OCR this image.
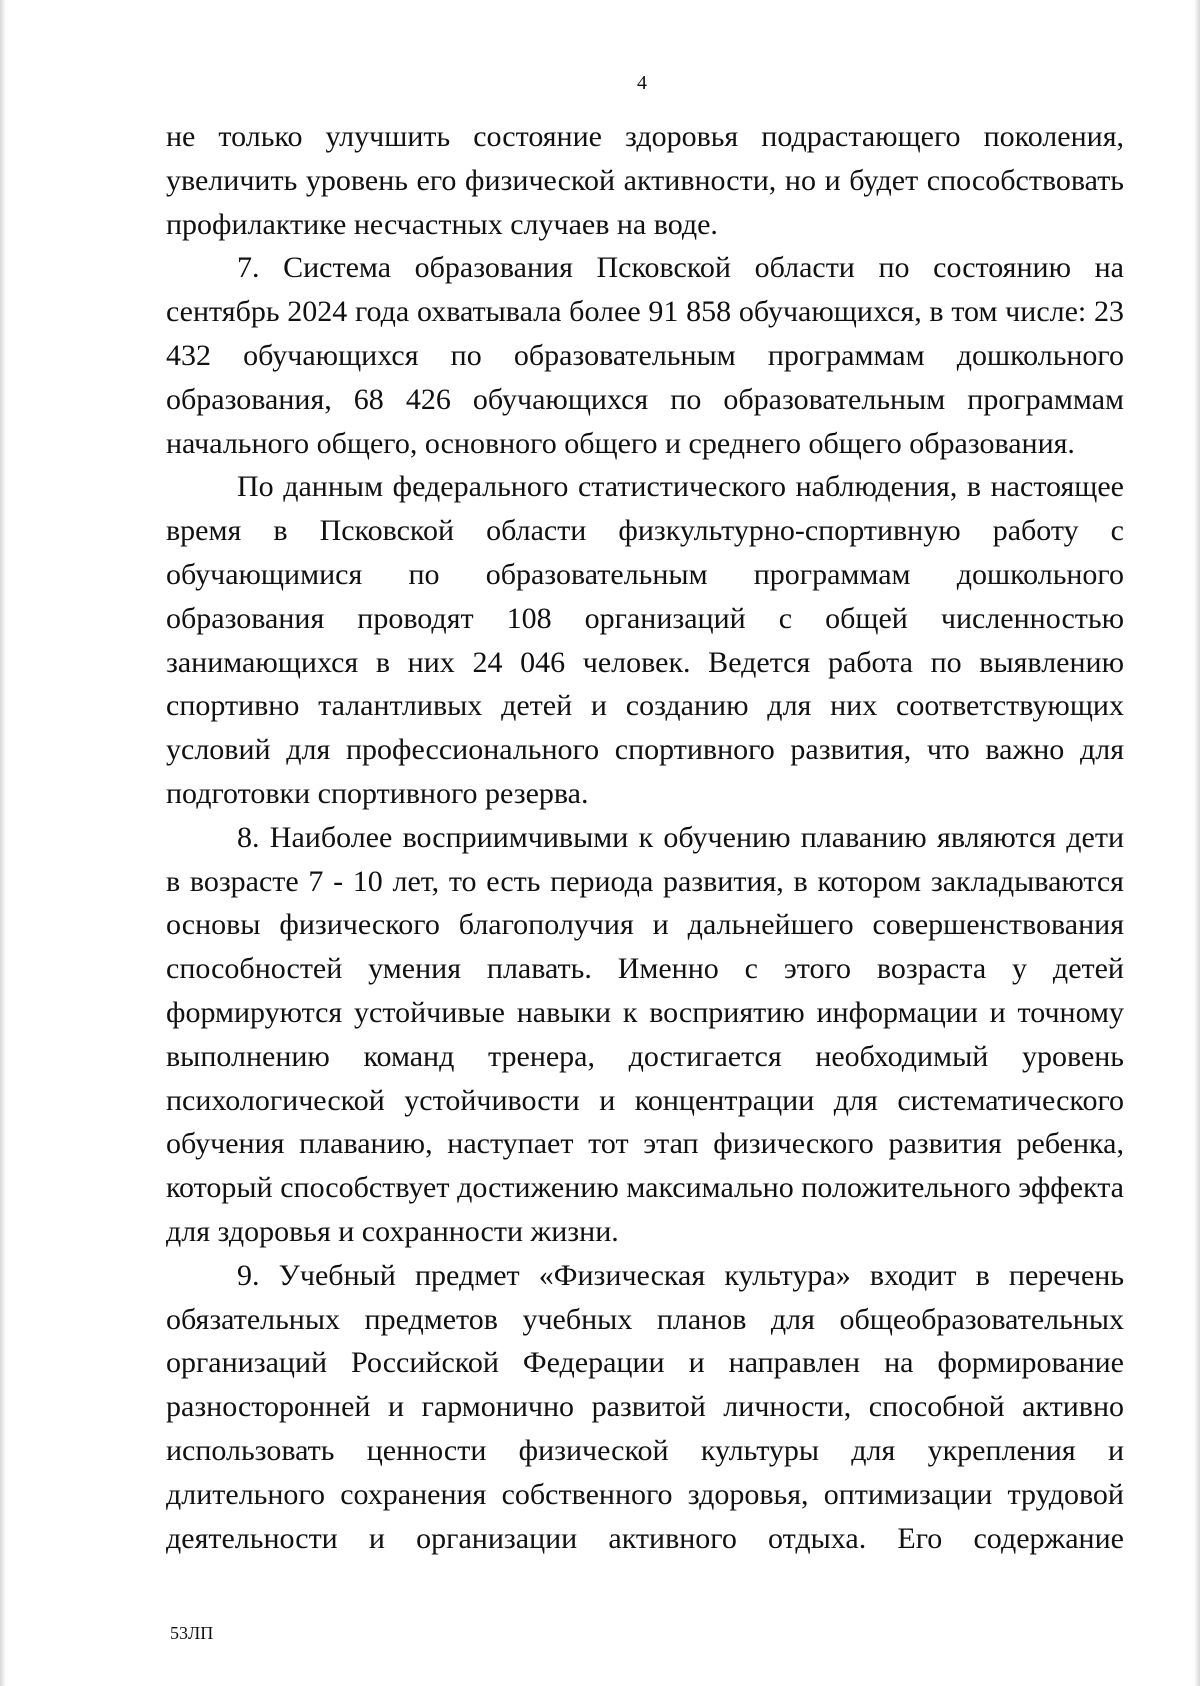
4

не только улучшить состояние здоровья подрастающего поколения, увеличить уровень его физической активности, но и будет способствовать профилактике несчастных случаев на воде.

7. Система образования Псковской области по состоянию на сентябрь 2024 года охватывала более 91 858 обучающихся, в том числе: 23 432 обучающихся по образовательным программам дошкольного образования, 68 426 обучающихся по образовательным программам начального общего, основного общего и среднего общего образования.

По данным федерального статистического наблюдения, в настоящее время в Псковской области физкультурно-спортивную работу с обучающимися по образовательным программам дошкольного образования проводят 108 организаций с общей численностью занимающихся в них 24 046 человек. Ведется работа по выявлению спортивно талантливых детей и созданию для них соответствующих условий для профессионального спортивного развития, что важно для подготовки спортивного резерва.

8. Наиболее восприимчивыми к обучению плаванию являются дети в возрасте 7 - 10 лет, то есть периода развития, в котором закладываются основы физического благополучия и дальнейшего совершенствования способностей умения плавать. Именно с этого возраста у детей формируются устойчивые навыки к восприятию информации и точному выполнению команд тренера, достигается необходимый уровень психологической устойчивости и концентрации для систематического обучения плаванию, наступает тот этап физического развития ребенка, который способствует достижению максимально положительного эффекта для здоровья и сохранности жизни.

9. Учебный предмет «Физическая культура» входит в перечень обязательных предметов учебных планов для общеобразовательных организаций Российской Федерации и направлен на формирование разносторонней и гармонично развитой личности, способной активно использовать ценности физической культуры для укрепления и длительного сохранения собственного здоровья, оптимизации трудовой деятельности и организации активного отдыха. Его содержание

53ЛП
